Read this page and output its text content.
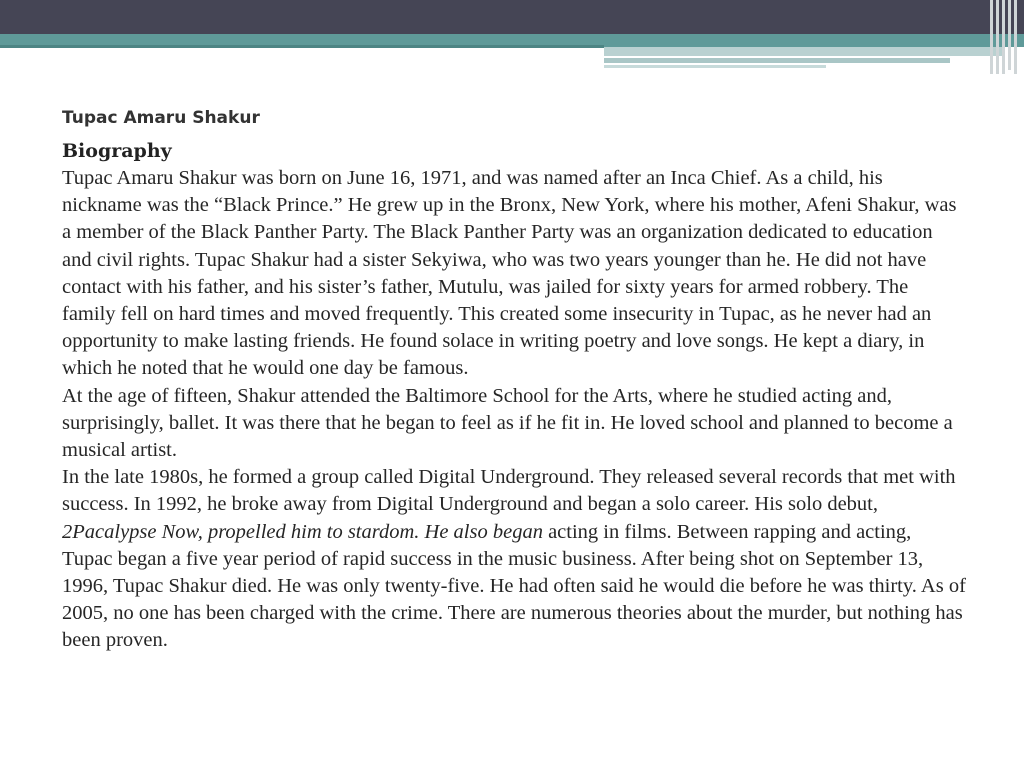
Tupac Amaru Shakur
Biography

Tupac Amaru Shakur was born on June 16, 1971, and was named after an Inca Chief. As a child, his nickname was the “Black Prince.” He grew up in the Bronx, New York, where his mother, Afeni Shakur, was a member of the Black Panther Party. The Black Panther Party was an organization dedicated to education and civil rights. Tupac Shakur had a sister Sekyiwa, who was two years younger than he. He did not have contact with his father, and his sister’s father, Mutulu, was jailed for sixty years for armed robbery. The family fell on hard times and moved frequently. This created some insecurity in Tupac, as he never had an opportunity to make lasting friends. He found solace in writing poetry and love songs. He kept a diary, in which he noted that he would one day be famous.

At the age of fifteen, Shakur attended the Baltimore School for the Arts, where he studied acting and, surprisingly, ballet. It was there that he began to feel as if he fit in. He loved school and planned to become a musical artist.

In the late 1980s, he formed a group called Digital Underground. They released several records that met with success. In 1992, he broke away from Digital Underground and began a solo career. His solo debut, 2Pacalypse Now, propelled him to stardom. He also began acting in films. Between rapping and acting, Tupac began a five year period of rapid success in the music business. After being shot on September 13, 1996, Tupac Shakur died. He was only twenty-five. He had often said he would die before he was thirty. As of 2005, no one has been charged with the crime. There are numerous theories about the murder, but nothing has been proven.
